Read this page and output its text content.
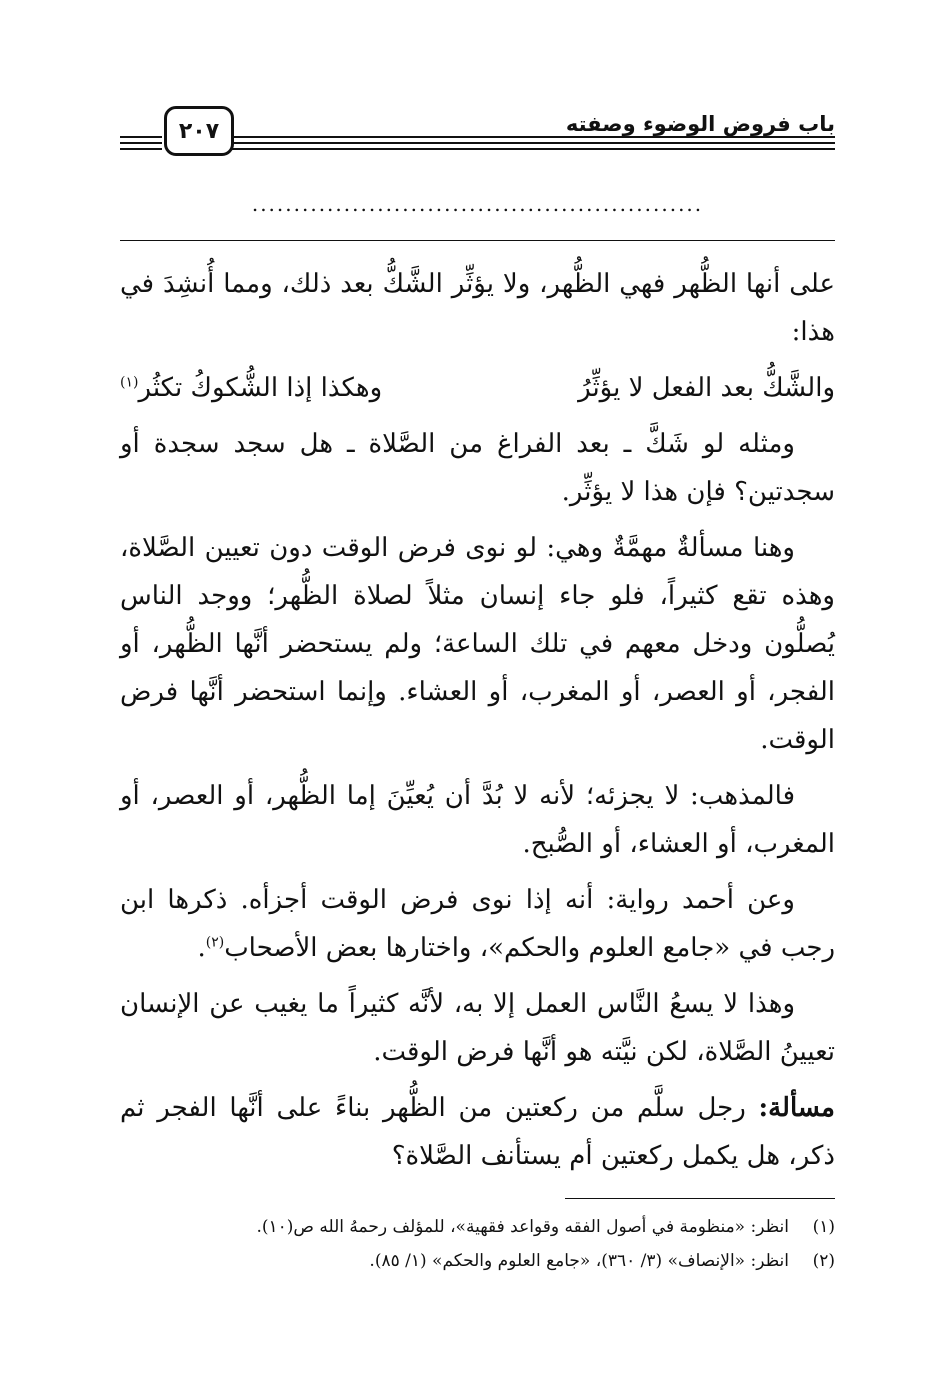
باب فروض الوضوء وصفته
٢٠٧
......................................................

على أنها الظُّهر فهي الظُّهر، ولا يؤثِّر الشَّكُّ بعد ذلك، ومما أُنشِدَ في هذا:

والشَّكُّ بعد الفعل لا يؤثِّرُ
وهكذا إذا الشُّكوكُ تكثُر$^{(١)}$

ومثله لو شَكَّ ـ بعد الفراغ من الصَّلاة ـ هل سجد سجدة أو سجدتين؟ فإن هذا لا يؤثِّر.

وهنا مسألةٌ مهمَّةٌ وهي: لو نوى فرض الوقت دون تعيين الصَّلاة، وهذه تقع كثيراً، فلو جاء إنسان مثلاً لصلاة الظُّهر؛ ووجد الناس يُصلُّون ودخل معهم في تلك الساعة؛ ولم يستحضر أنَّها الظُّهر، أو الفجر، أو العصر، أو المغرب، أو العشاء. وإنما استحضر أنَّها فرض الوقت.

فالمذهب: لا يجزئه؛ لأنه لا بُدَّ أن يُعيِّنَ إما الظُّهر، أو العصر، أو المغرب، أو العشاء، أو الصُّبح.

وعن أحمد رواية: أنه إذا نوى فرض الوقت أجزأه. ذكرها ابن رجب في «جامع العلوم والحكم»، واختارها بعض الأصحاب$^{(٢)}$.

وهذا لا يسعُ النَّاس العمل إلا به، لأنَّه كثيراً ما يغيب عن الإنسان تعيينُ الصَّلاة، لكن نيَّته هو أنَّها فرض الوقت.

مسألة: رجل سلَّم من ركعتين من الظُّهر بناءً على أنَّها الفجر ثم ذكر، هل يكمل ركعتين أم يستأنف الصَّلاة؟

(١)
انظر: «منظومة في أصول الفقه وقواعد فقهية»، للمؤلف رحمهُ الله ص(١٠).
(٢)
انظر: «الإنصاف» (٣/ ٣٦٠)، «جامع العلوم والحكم» (١/ ٨٥).
